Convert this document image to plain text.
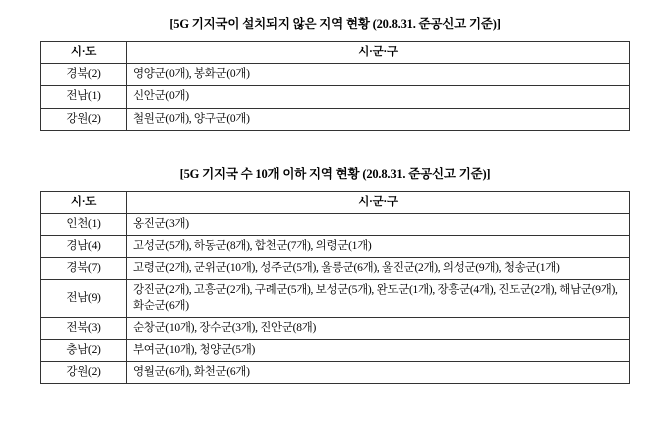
[5G 기지국이 설치되지 않은 지역 현황 (20.8.31. 준공신고 기준)]
시·도	시·군·구
경북(2)	영양군(0개), 봉화군(0개)
전남(1)	신안군(0개)
강원(2)	철원군(0개), 양구군(0개)
[5G 기지국 수 10개 이하 지역 현황 (20.8.31. 준공신고 기준)]
시·도	시·군·구
인천(1)	옹진군(3개)
경남(4)	고성군(5개), 하동군(8개), 합천군(7개), 의령군(1개)
경북(7)	고령군(2개), 군위군(10개), 성주군(5개), 울릉군(6개), 울진군(2개), 의성군(9개), 청송군(1개)
전남(9)	강진군(2개), 고흥군(2개), 구례군(5개), 보성군(5개), 완도군(1개), 장흥군(4개), 진도군(2개), 해남군(9개), 화순군(6개)
전북(3)	순창군(10개), 장수군(3개), 진안군(8개)
충남(2)	부여군(10개), 청양군(5개)
강원(2)	영월군(6개), 화천군(6개)
